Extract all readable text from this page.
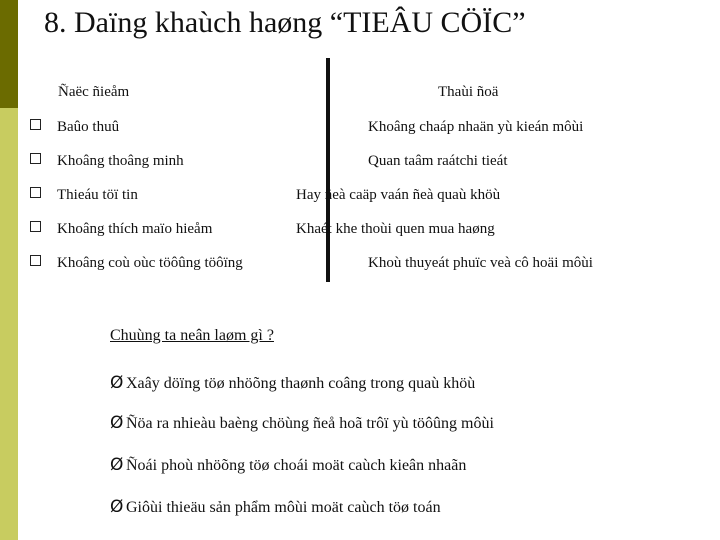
8. Daïng khaùch haøng “TIEÂU CÖÏC”
Ñaëc ñieåm	Thaùi ñoä
Baûo thuû
Khoâng thoâng minh
Thieáu töï tin
Khoâng thích maïo hieåm
Khoâng coù oùc töôûng töôïng
Khoâng chaáp nhaän yù kieán môùi
Quan taâm raátchi tieát
Hay ñeà caäp vaán ñeà quaù khöù
Khaét khe thoùi quen mua haøng
Khoù thuyeát phuïc veà cô hoäi môùi
Chuùng ta neân laøm gì ?
Ø Xaây döïng töø nhöõng thaønh coâng trong quaù khöù
Ø Ñöa ra nhieàu baèng chöùng ñeå hoã trôï yù töôûng môùi
Ø Ñoái phoù nhöõng töø choái moät caùch kieân nhaãn
Ø Giôùi thieäu sản phẩm môùi moät caùch töø toán
